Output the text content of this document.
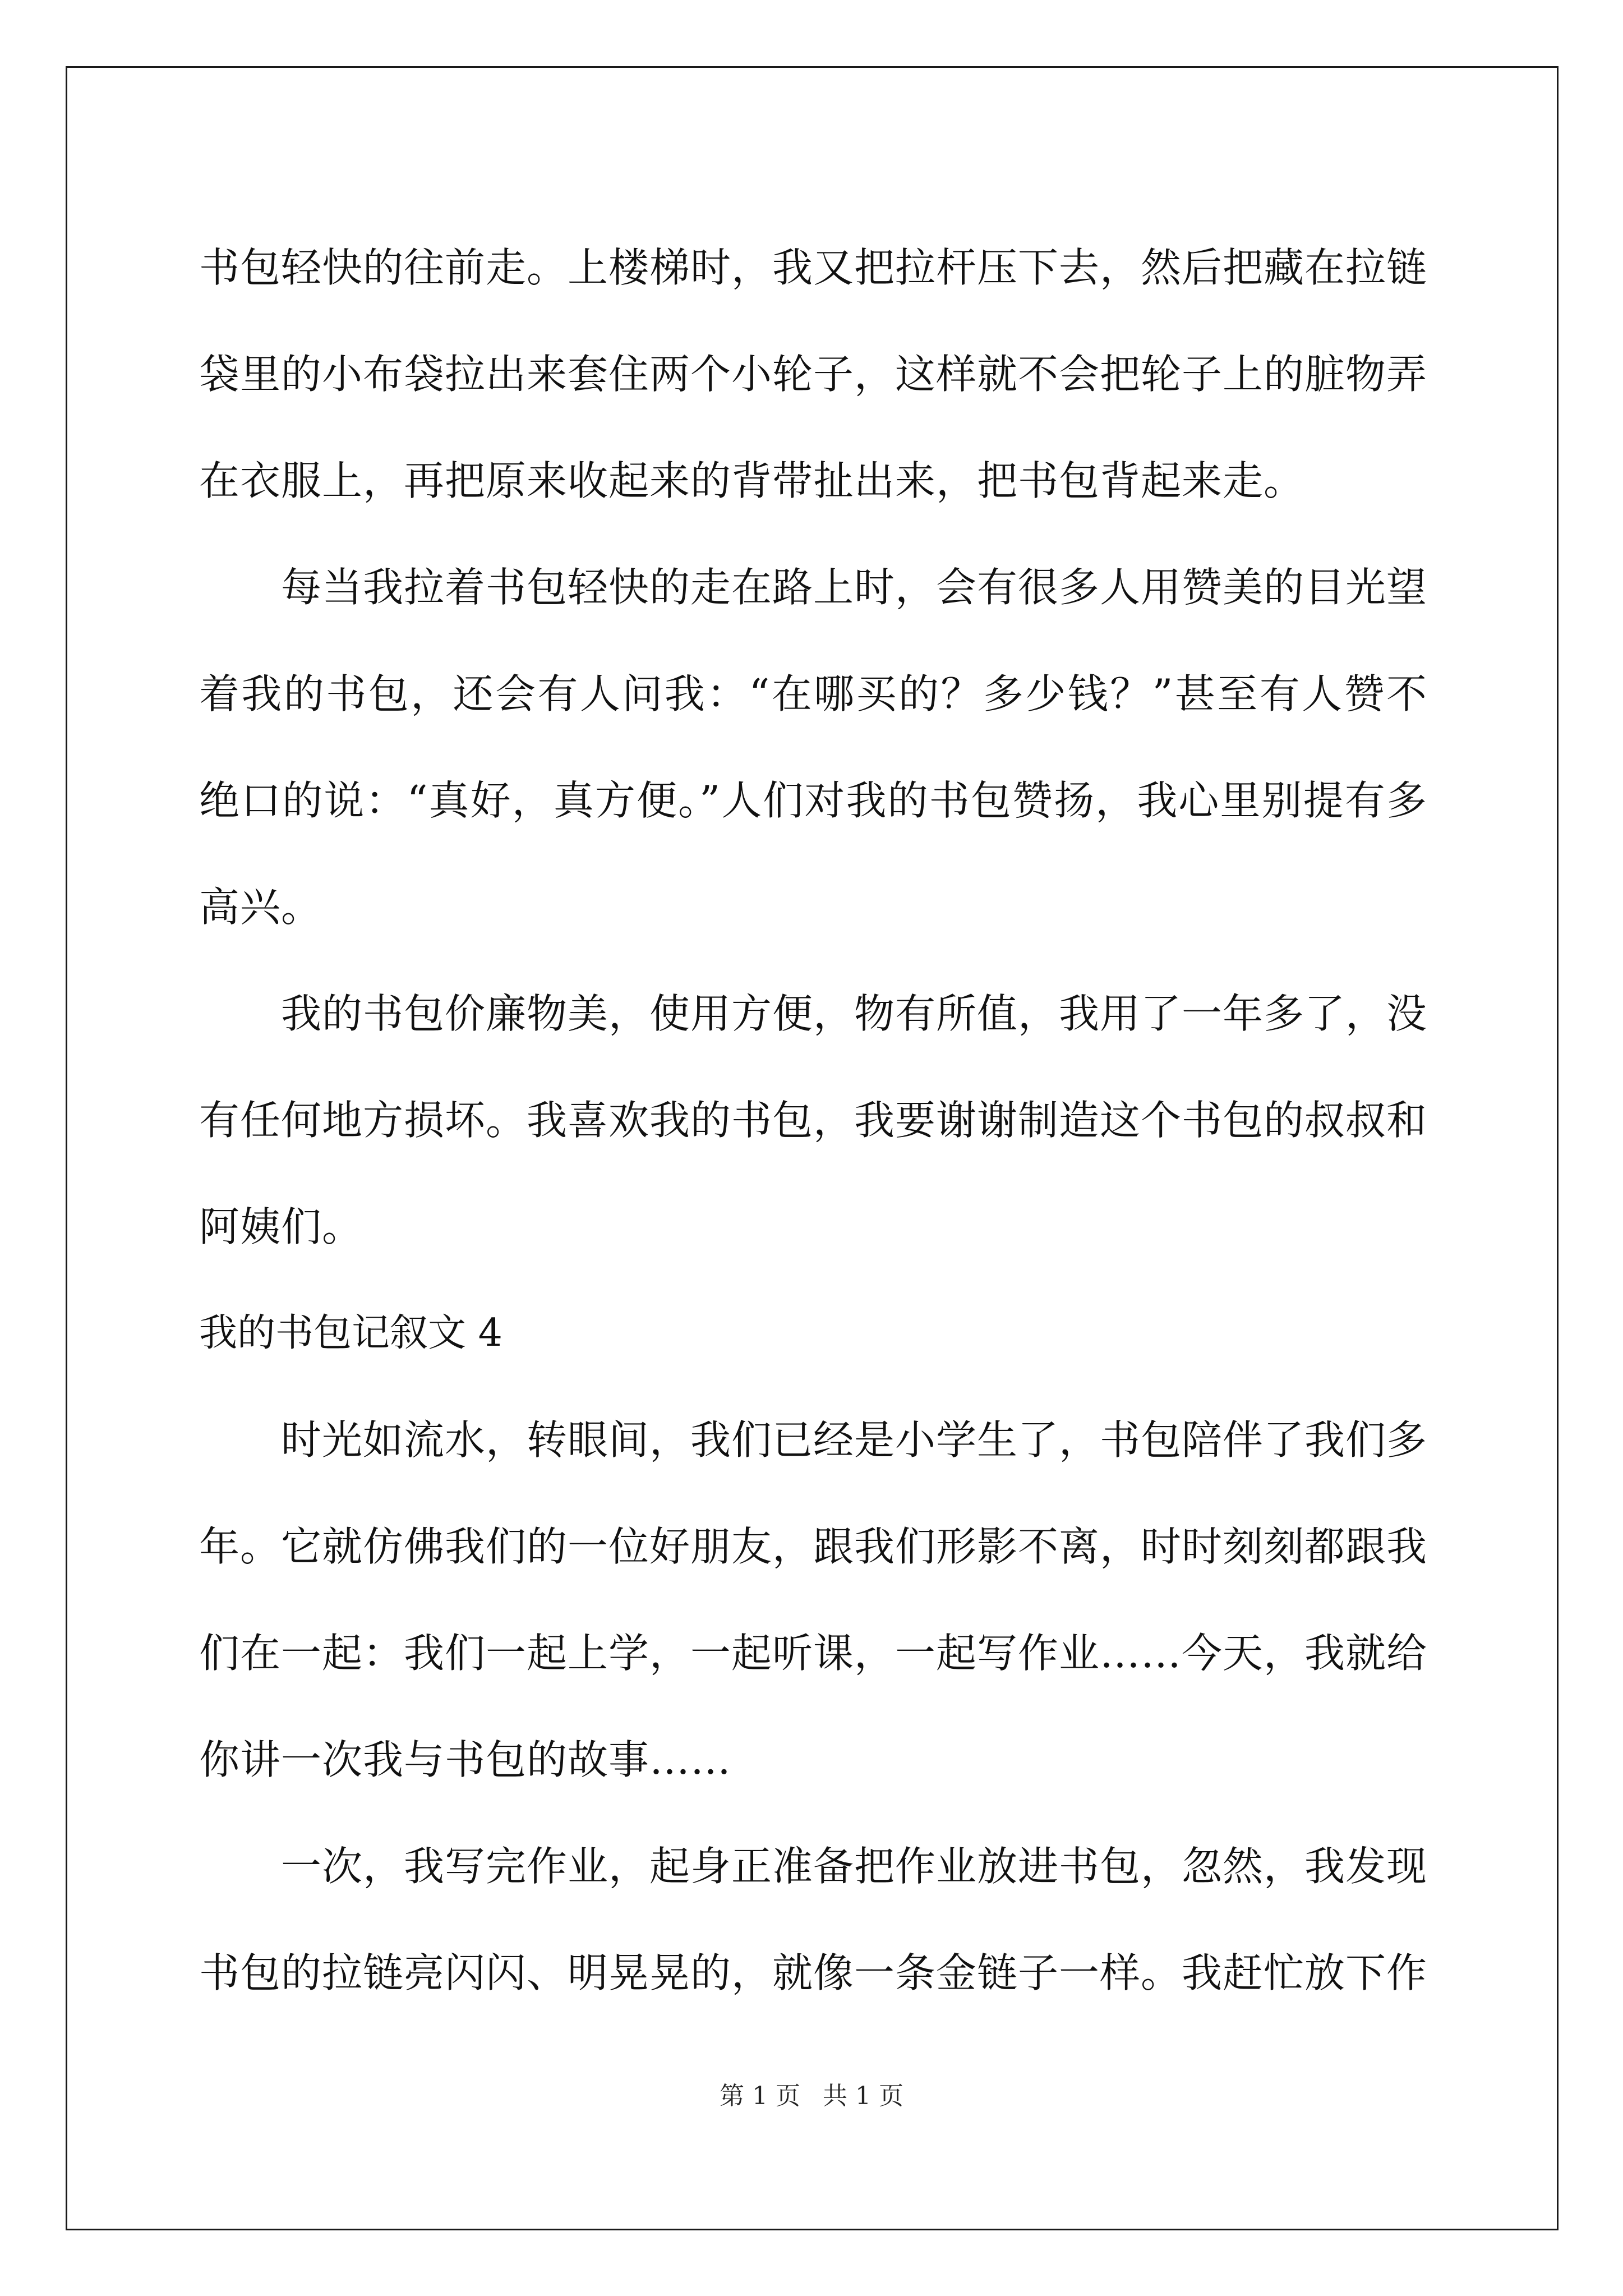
书包轻快的往前走。上楼梯时，我又把拉杆压下去，然后把藏在拉链袋里的小布袋拉出来套住两个小轮子，这样就不会把轮子上的脏物弄在衣服上，再把原来收起来的背带扯出来，把书包背起来走。

每当我拉着书包轻快的走在路上时，会有很多人用赞美的目光望着我的书包，还会有人问我：“在哪买的？多少钱？”甚至有人赞不绝口的说：“真好，真方便。”人们对我的书包赞扬，我心里别提有多高兴。

我的书包价廉物美，使用方便，物有所值，我用了一年多了，没有任何地方损坏。我喜欢我的书包，我要谢谢制造这个书包的叔叔和阿姨们。

我的书包记叙文 4

时光如流水，转眼间，我们已经是小学生了，书包陪伴了我们多年。它就仿佛我们的一位好朋友，跟我们形影不离，时时刻刻都跟我们在一起：我们一起上学，一起听课，一起写作业……今天，我就给你讲一次我与书包的故事……

一次，我写完作业，起身正准备把作业放进书包，忽然，我发现书包的拉链亮闪闪、明晃晃的，就像一条金链子一样。我赶忙放下作

第 1 页 共 1 页
